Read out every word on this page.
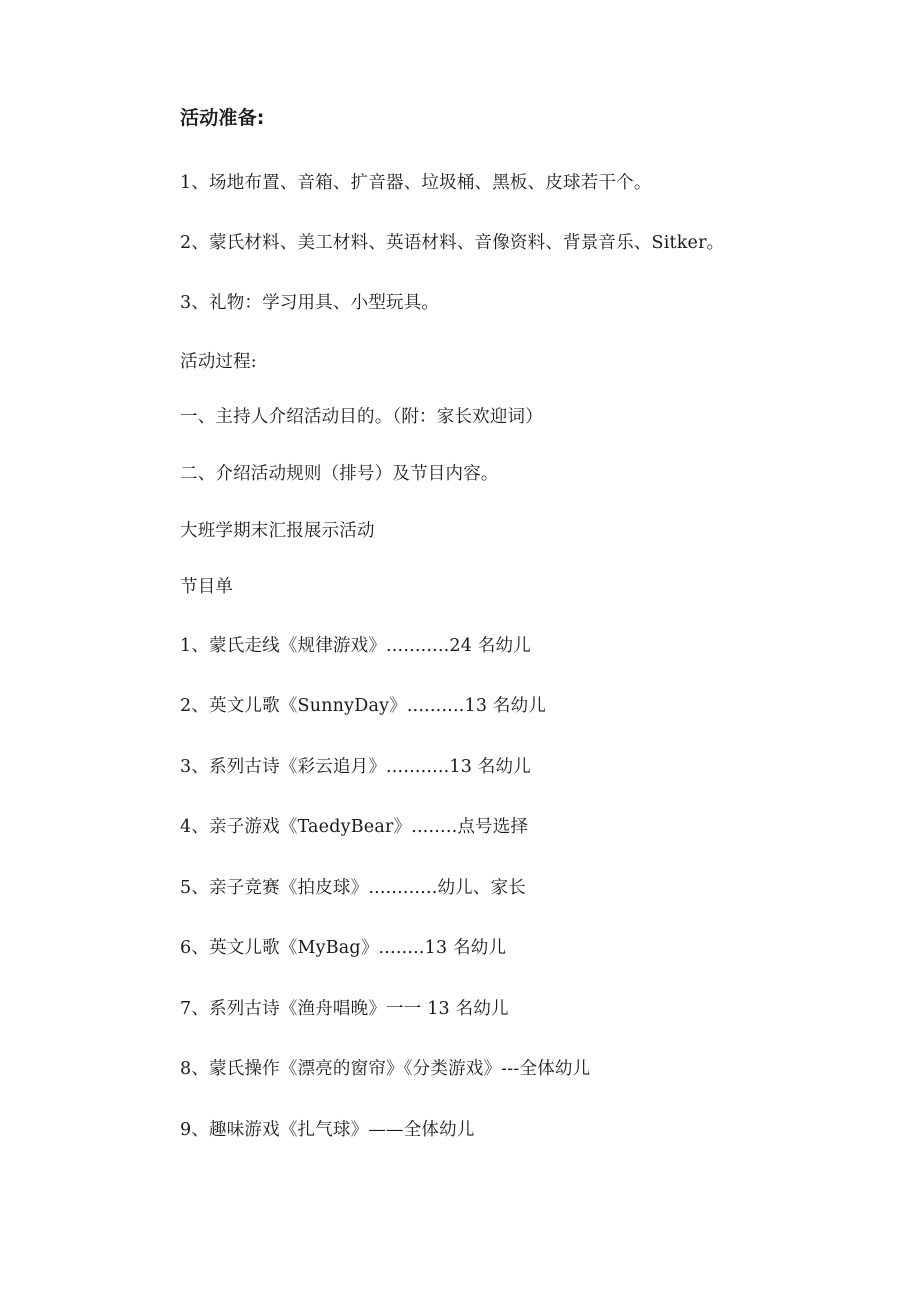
活动准备:

1、场地布置、音箱、扩音器、垃圾桶、黑板、皮球若干个。

2、蒙氏材料、美工材料、英语材料、音像资料、背景音乐、Sitker。

3、礼物：学习用具、小型玩具。

活动过程:

一、主持人介绍活动目的。（附：家长欢迎词）

二、介绍活动规则（排号）及节目内容。

大班学期末汇报展示活动

节目单

1、蒙氏走线《规律游戏》...........24 名幼儿

2、英文儿歌《SunnyDay》..........13 名幼儿

3、系列古诗《彩云追月》...........13 名幼儿

4、亲子游戏《TaedyBear》........点号选择

5、亲子竞赛《拍皮球》............幼儿、家长

6、英文儿歌《MyBag》........13 名幼儿

7、系列古诗《渔舟唱晚》一一 13 名幼儿

8、蒙氏操作《漂亮的窗帘》《分类游戏》---全体幼儿

9、趣味游戏《扎气球》——全体幼儿
